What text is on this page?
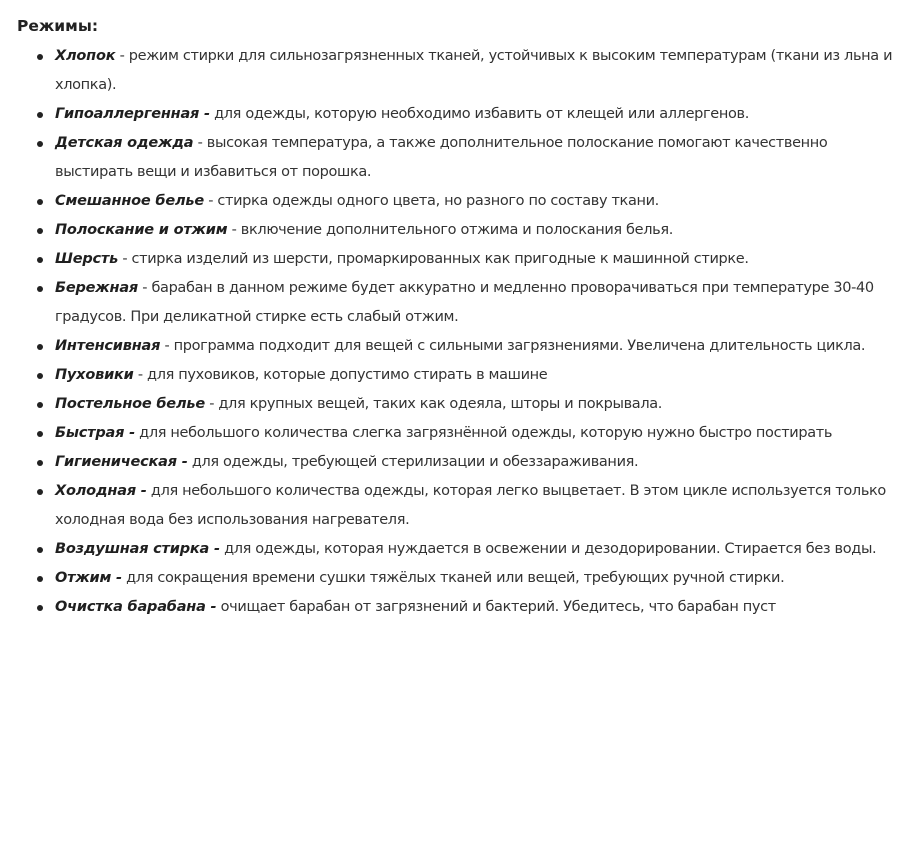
Режимы:
Хлопок - режим стирки для сильнозагрязненных тканей, устойчивых к высоким температурам (ткани из льна и хлопка).
Гипоаллергенная - для одежды, которую необходимо избавить от клещей или аллергенов.
Детская одежда - высокая температура, а также дополнительное полоскание помогают качественно выстирать вещи и избавиться от порошка.
Смешанное белье - стирка одежды одного цвета, но разного по составу ткани.
Полоскание и отжим - включение дополнительного отжима и полоскания белья.
Шерсть - стирка изделий из шерсти, промаркированных как пригодные к машинной стирке.
Бережная - барабан в данном режиме будет аккуратно и медленно проворачиваться при температуре 30-40 градусов. При деликатной стирке есть слабый отжим.
Интенсивная - программа подходит для вещей с сильными загрязнениями. Увеличена длительность цикла.
Пуховики - для пуховиков, которые допустимо стирать в машине
Постельное белье - для крупных вещей, таких как одеяла, шторы и покрывала.
Быстрая - для небольшого количества слегка загрязнённой одежды, которую нужно быстро постирать
Гигиеническая - для одежды, требующей стерилизации и обеззараживания.
Холодная - для небольшого количества одежды, которая легко выцветает. В этом цикле используется только холодная вода без использования нагревателя.
Воздушная стирка - для одежды, которая нуждается в освежении и дезодорировании. Стирается без воды.
Отжим - для сокращения времени сушки тяжёлых тканей или вещей, требующих ручной стирки.
Очистка барабана - очищает барабан от загрязнений и бактерий. Убедитесь, что барабан пуст
